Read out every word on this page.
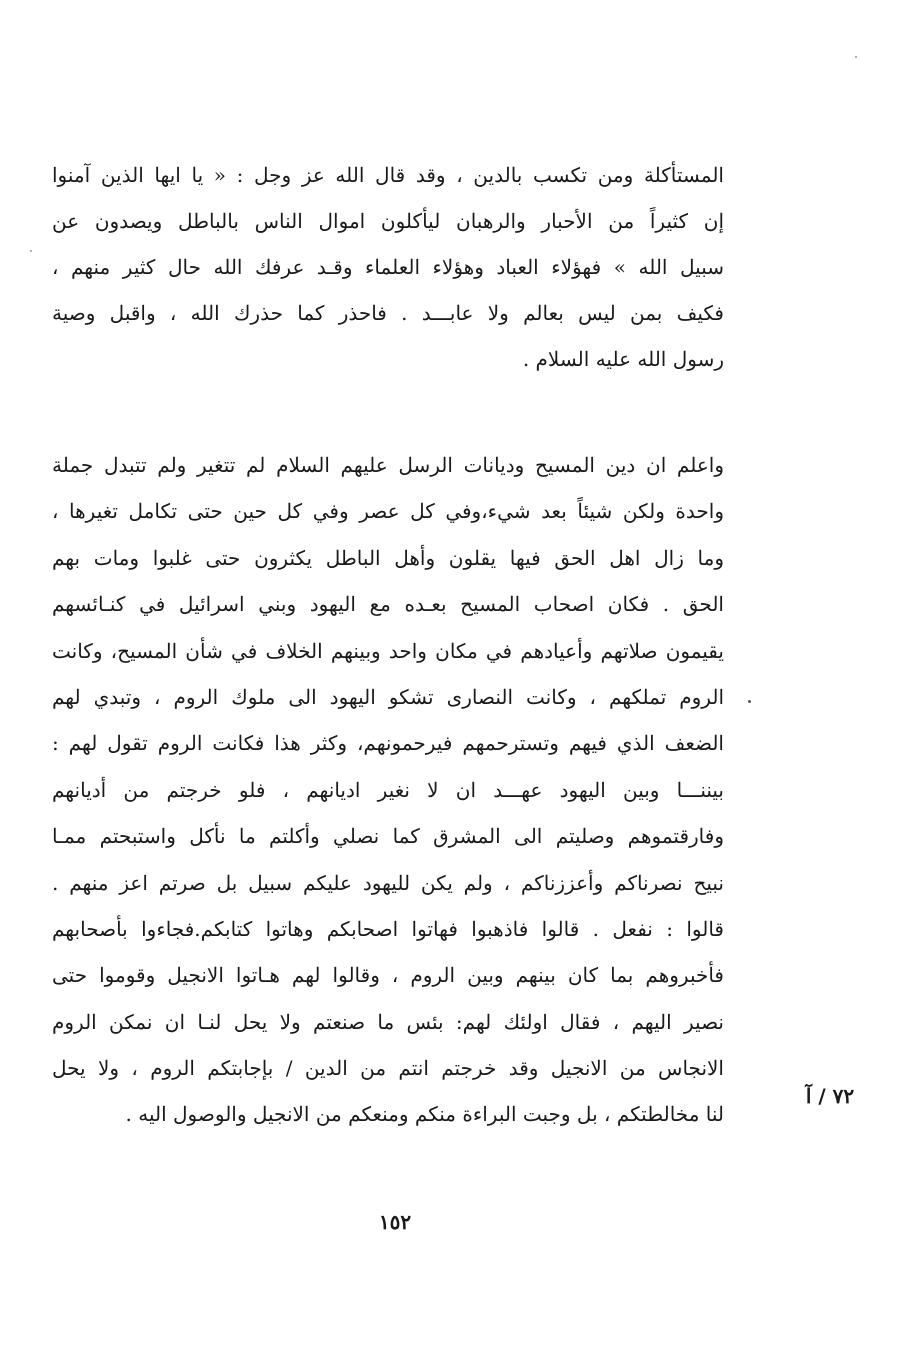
المستأكلة ومن تكسب بالدين ، وقد قال الله عز وجل : « يا ايها الذين آمنوا
إن كثيراً من الأحبار والرهبان ليأكلون اموال الناس بالباطل ويصدون عن
سبيل الله » فهؤلاء العباد وهؤلاء العلماء وقـد عرفك الله حال كثير منهم ،
فكيف بمن ليس بعالم ولا عابـــد . فاحذر كما حذرك الله ، واقبل وصية
رسول الله عليه السلام .
واعلم ان دين المسيح وديانات الرسل عليهم السلام لم تتغير ولم تتبدل جملة
واحدة ولكن شيئاً بعد شيء،وفي كل عصر وفي كل حين حتى تكامل تغيرها ،
وما زال اهل الحق فيها يقلون وأهل الباطل يكثرون حتى غلبوا ومات بهم
الحق . فكان اصحاب المسيح بعـده مع اليهود وبني اسرائيل في كنـائسهم
يقيمون صلاتهم وأعيادهم في مكان واحد وبينهم الخلاف في شأن المسيح، وكانت
الروم تملكهم ، وكانت النصارى تشكو اليهود الى ملوك الروم ، وتبدي لهم
الضعف الذي فيهم وتسترحمهم فيرحمونهم، وكثر هذا فكانت الروم تقول لهم :
بيننـــا وبين اليهود عهـــد ان لا نغير اديانهم ، فلو خرجتم من أديانهم
وفارقتموهم وصليتم الى المشرق كما نصلي وأكلتم ما نأكل واستبحتم ممـا
نبيح نصرناكم وأعززناكم ، ولم يكن لليهود عليكم سبيل بل صرتم اعز منهم .
قالوا : نفعل . قالوا فاذهبوا فهاتوا اصحابكم وهاتوا كتابكم.فجاءوا بأصحابهم
فأخبروهم بما كان بينهم وبين الروم ، وقالوا لهم هـاتوا الانجيل وقوموا حتى
نصير اليهم ، فقال اولئك لهم: بئس ما صنعتم ولا يحل لنـا ان نمكن الروم
الانجاس من الانجيل وقد خرجتم انتم من الدين / بإجابتكم الروم ، ولا يحل
لنا مخالطتكم ، بل وجبت البراءة منكم ومنعكم من الانجيل والوصول اليه .
٧٢ / آ
١٥٢
